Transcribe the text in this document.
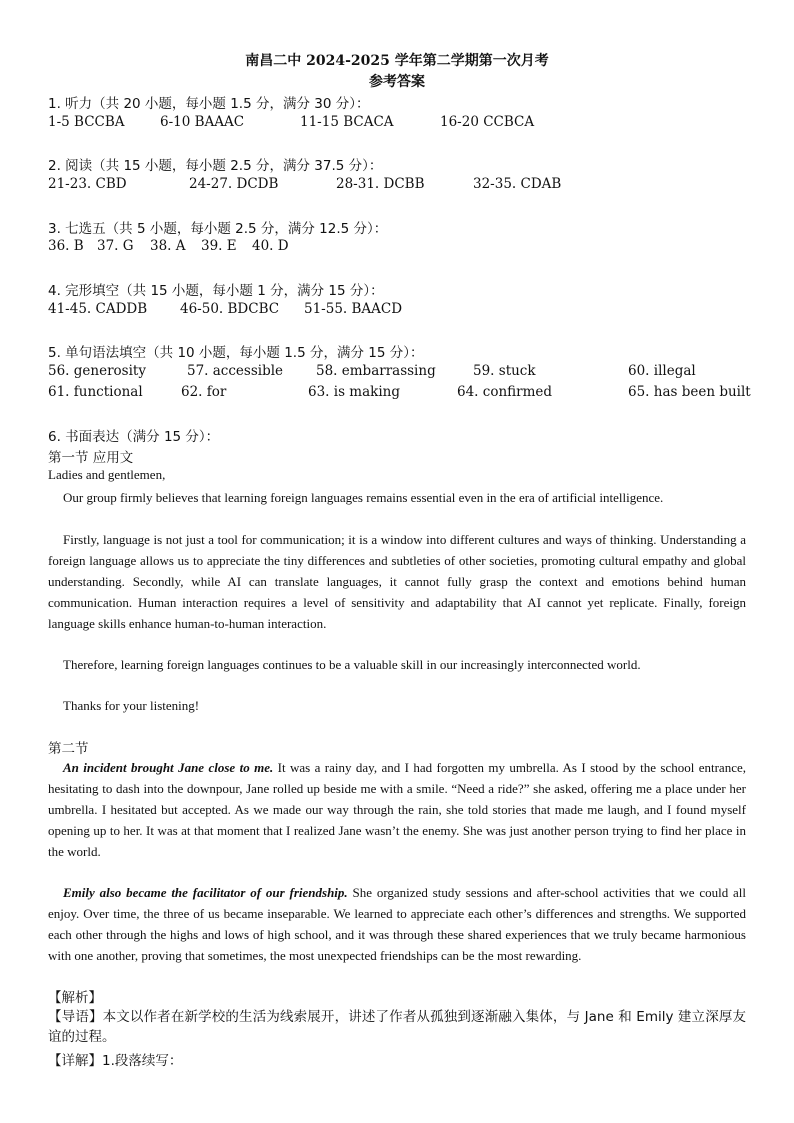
南昌二中 2024-2025 学年第二学期第一次月考
参考答案
1. 听力（共 20 小题，每小题 1.5 分，满分 30 分）：
1-5 BCCBA	6-10 BAAAC	11-15 BCACA	16-20 CCBCA
2. 阅读（共 15 小题，每小题 2.5 分，满分 37.5 分）：
21-23. CBD	24-27. DCDB	28-31. DCBB	32-35. CDAB
3. 七选五（共 5 小题，每小题 2.5 分，满分 12.5 分）：
36. B 37. G 38. A 39. E 40. D
4. 完形填空（共 15 小题，每小题 1 分，满分 15 分）：
41-45. CADDB 46-50. BDCBC 51-55. BAACD
5. 单句语法填空（共 10 小题，每小题 1.5 分，满分 15 分）：
56. generosity	57. accessible 58. embarrassing	59. stuck	60. illegal
61. functional	62. for	63. is making	64. confirmed	65. has been built
6. 书面表达（满分 15 分）：
第一节 应用文
Ladies and gentlemen,
Our group firmly believes that learning foreign languages remains essential even in the era of artificial intelligence.
Firstly, language is not just a tool for communication; it is a window into different cultures and ways of thinking. Understanding a foreign language allows us to appreciate the tiny differences and subtleties of other societies, promoting cultural empathy and global understanding. Secondly, while AI can translate languages, it cannot fully grasp the context and emotions behind human communication. Human interaction requires a level of sensitivity and adaptability that AI cannot yet replicate. Finally, foreign language skills enhance human-to-human interaction.
Therefore, learning foreign languages continues to be a valuable skill in our increasingly interconnected world.
Thanks for your listening!
第二节
An incident brought Jane close to me. It was a rainy day, and I had forgotten my umbrella. As I stood by the school entrance, hesitating to dash into the downpour, Jane rolled up beside me with a smile. “Need a ride?” she asked, offering me a place under her umbrella. I hesitated but accepted. As we made our way through the rain, she told stories that made me laugh, and I found myself opening up to her. It was at that moment that I realized Jane wasn’t the enemy. She was just another person trying to find her place in the world.
Emily also became the facilitator of our friendship. She organized study sessions and after-school activities that we could all enjoy. Over time, the three of us became inseparable. We learned to appreciate each other’s differences and strengths. We supported each other through the highs and lows of high school, and it was through these shared experiences that we truly became harmonious with one another, proving that sometimes, the most unexpected friendships can be the most rewarding.
【解析】
【导语】本文以作者在新学校的生活为线索展开，讲述了作者从孤独到逐渐融入集体，与 Jane 和 Emily 建立深厚友谊的过程。
【详解】1.段落续写：
